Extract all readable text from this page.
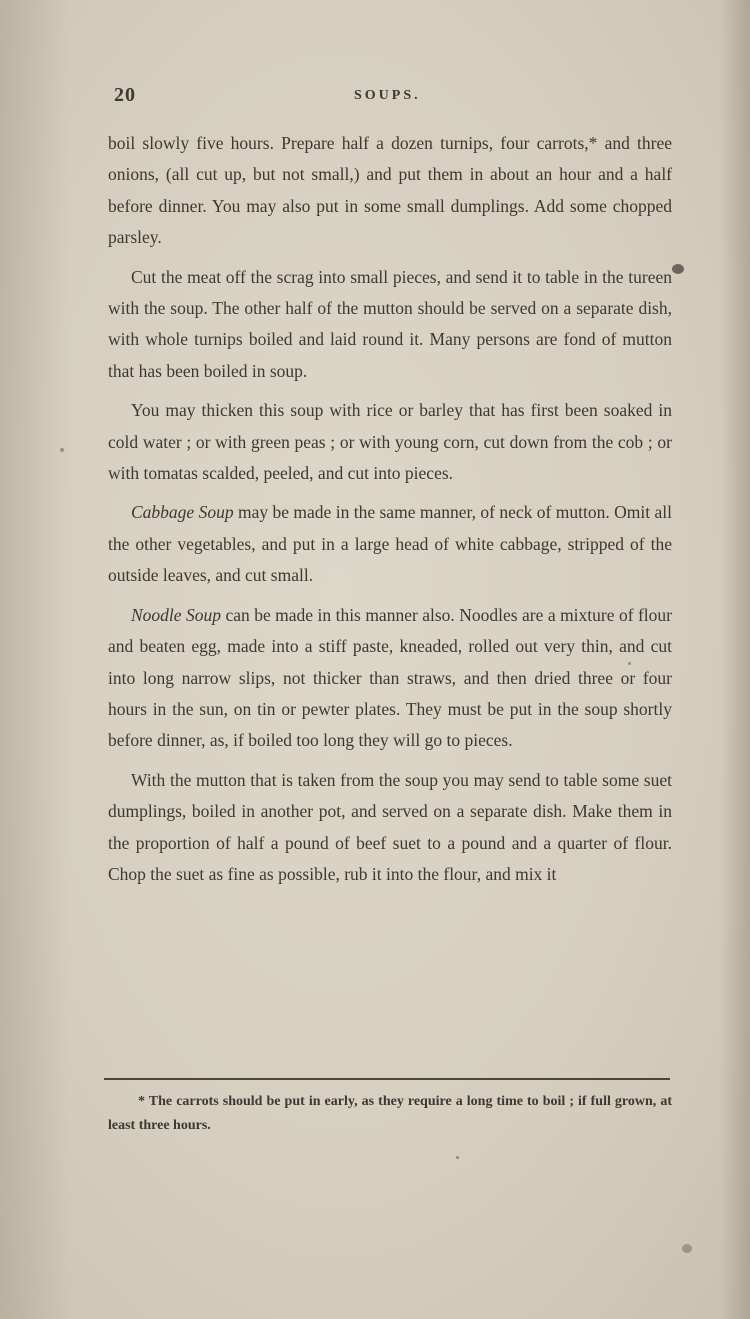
20	SOUPS.

boil slowly five hours. Prepare half a dozen turnips, four carrots,* and three onions, (all cut up, but not small,) and put them in about an hour and a half before dinner. You may also put in some small dumplings. Add some chopped parsley.

Cut the meat off the scrag into small pieces, and send it to table in the tureen with the soup. The other half of the mutton should be served on a separate dish, with whole turnips boiled and laid round it. Many persons are fond of mutton that has been boiled in soup.

You may thicken this soup with rice or barley that has first been soaked in cold water ; or with green peas ; or with young corn, cut down from the cob ; or with tomatas scalded, peeled, and cut into pieces.

Cabbage Soup may be made in the same manner, of neck of mutton. Omit all the other vegetables, and put in a large head of white cabbage, stripped of the outside leaves, and cut small.

Noodle Soup can be made in this manner also. Noodles are a mixture of flour and beaten egg, made into a stiff paste, kneaded, rolled out very thin, and cut into long narrow slips, not thicker than straws, and then dried three or four hours in the sun, on tin or pewter plates. They must be put in the soup shortly before dinner, as, if boiled too long they will go to pieces.

With the mutton that is taken from the soup you may send to table some suet dumplings, boiled in another pot, and served on a separate dish. Make them in the proportion of half a pound of beef suet to a pound and a quarter of flour. Chop the suet as fine as possible, rub it into the flour, and mix it

* The carrots should be put in early, as they require a long time to boil ; if full grown, at least three hours.
